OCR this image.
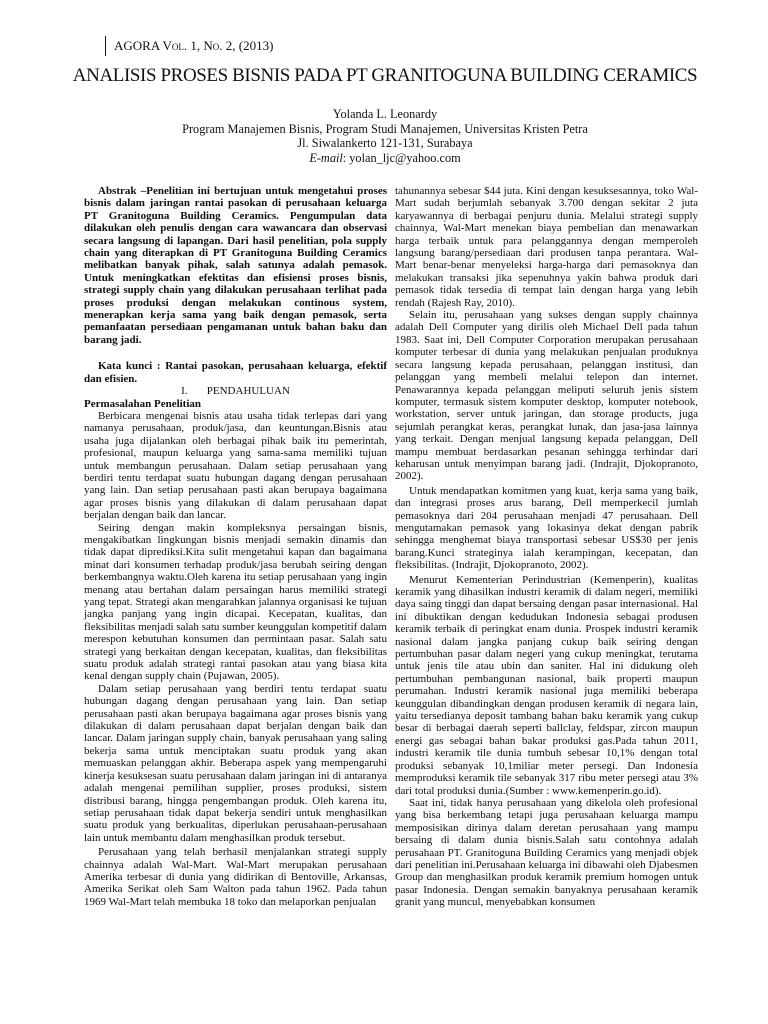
AGORA Vol. 1, No. 2, (2013)
ANALISIS PROSES BISNIS PADA PT GRANITOGUNA BUILDING CERAMICS
Yolanda L. Leonardy
Program Manajemen Bisnis, Program Studi Manajemen, Universitas Kristen Petra
Jl. Siwalankerto 121-131, Surabaya
E-mail: yolan_ljc@yahoo.com

Abstrak –Penelitian ini bertujuan untuk mengetahui proses bisnis dalam jaringan rantai pasokan di perusahaan keluarga PT Granitoguna Building Ceramics. Pengumpulan data dilakukan oleh penulis dengan cara wawancara dan observasi secara langsung di lapangan. Dari hasil penelitian, pola supply chain yang diterapkan di PT Granitoguna Building Ceramics melibatkan banyak pihak, salah satunya adalah pemasok. Untuk meningkatkan efektitas dan efisiensi proses bisnis, strategi supply chain yang dilakukan perusahaan terlihat pada proses produksi dengan melakukan continous system, menerapkan kerja sama yang baik dengan pemasok, serta pemanfaatan persediaan pengamanan untuk bahan baku dan barang jadi.

Kata kunci : Rantai pasokan, perusahaan keluarga, efektif dan efisien.

I. PENDAHULUAN

Permasalahan Penelitian

Berbicara mengenai bisnis atau usaha tidak terlepas dari yang namanya perusahaan, produk/jasa, dan keuntungan.Bisnis atau usaha juga dijalankan oleh berbagai pihak baik itu pemerintah, profesional, maupun keluarga yang sama-sama memiliki tujuan untuk membangun perusahaan. Dalam setiap perusahaan yang berdiri tentu terdapat suatu hubungan dagang dengan perusahaan yang lain. Dan setiap perusahaan pasti akan berupaya bagaimana agar proses bisnis yang dilakukan di dalam perusahaan dapat berjalan dengan baik dan lancar.

Seiring dengan makin kompleksnya persaingan bisnis, mengakibatkan lingkungan bisnis menjadi semakin dinamis dan tidak dapat diprediksi.Kita sulit mengetahui kapan dan bagaimana minat dari konsumen terhadap produk/jasa berubah seiring dengan berkembangnya waktu.Oleh karena itu setiap perusahaan yang ingin menang atau bertahan dalam persaingan harus memiliki strategi yang tepat. Strategi akan mengarahkan jalannya organisasi ke tujuan jangka panjang yang ingin dicapai. Kecepatan, kualitas, dan fleksibilitas menjadi salah satu sumber keunggulan kompetitif dalam merespon kebutuhan konsumen dan permintaan pasar. Salah satu strategi yang berkaitan dengan kecepatan, kualitas, dan fleksibilitas suatu produk adalah strategi rantai pasokan atau yang biasa kita kenal dengan supply chain (Pujawan, 2005).

Dalam setiap perusahaan yang berdiri tentu terdapat suatu hubungan dagang dengan perusahaan yang lain. Dan setiap perusahaan pasti akan berupaya bagaimana agar proses bisnis yang dilakukan di dalam perusahaan dapat berjalan dengan baik dan lancar. Dalam jaringan supply chain, banyak perusahaan yang saling bekerja sama untuk menciptakan suatu produk yang akan memuaskan pelanggan akhir. Beberapa aspek yang mempengaruhi kinerja kesuksesan suatu perusahaan dalam jaringan ini di antaranya adalah mengenai pemilihan supplier, proses produksi, sistem distribusi barang, hingga pengembangan produk. Oleh karena itu, setiap perusahaan tidak dapat bekerja sendiri untuk menghasilkan suatu produk yang berkualitas, diperlukan perusahaan-perusahaan lain untuk membantu dalam menghasilkan produk tersebut.

Perusahaan yang telah berhasil menjalankan strategi supply chainnya adalah Wal-Mart. Wal-Mart merupakan perusahaan Amerika terbesar di dunia yang didirikan di Bentoville, Arkansas, Amerika Serikat oleh Sam Walton pada tahun 1962. Pada tahun 1969 Wal-Mart telah membuka 18 toko dan melaporkan penjualan

tahunannya sebesar $44 juta. Kini dengan kesuksesannya, toko Wal-Mart sudah berjumlah sebanyak 3.700 dengan sekitar 2 juta karyawannya di berbagai penjuru dunia. Melalui strategi supply chainnya, Wal-Mart menekan biaya pembelian dan menawarkan harga terbaik untuk para pelanggannya dengan memperoleh langsung barang/persediaan dari produsen tanpa perantara. Wal-Mart benar-benar menyeleksi harga-harga dari pemasoknya dan melakukan transaksi jika sepenuhnya yakin bahwa produk dari pemasok tidak tersedia di tempat lain dengan harga yang lebih rendah (Rajesh Ray, 2010).

Selain itu, perusahaan yang sukses dengan supply chainnya adalah Dell Computer yang dirilis oleh Michael Dell pada tahun 1983. Saat ini, Dell Computer Corporation merupakan perusahaan komputer terbesar di dunia yang melakukan penjualan produknya secara langsung kepada perusahaan, pelanggan institusi, dan pelanggan yang membeli melalui telepon dan internet. Penawarannya kepada pelanggan meliputi seluruh jenis sistem komputer, termasuk sistem komputer desktop, komputer notebook, workstation, server untuk jaringan, dan storage products, juga sejumlah perangkat keras, perangkat lunak, dan jasa-jasa lainnya yang terkait. Dengan menjual langsung kepada pelanggan, Dell mampu membuat berdasarkan pesanan sehingga terhindar dari keharusan untuk menyimpan barang jadi. (Indrajit, Djokopranoto, 2002).

Untuk mendapatkan komitmen yang kuat, kerja sama yang baik, dan integrasi proses arus barang, Dell memperkecil jumlah pemasoknya dari 204 perusahaan menjadi 47 perusahaan. Dell mengutamakan pemasok yang lokasinya dekat dengan pabrik sehingga menghemat biaya transportasi sebesar US$30 per jenis barang.Kunci strateginya ialah kerampingan, kecepatan, dan fleksibilitas. (Indrajit, Djokopranoto, 2002).

Menurut Kementerian Perindustrian (Kemenperin), kualitas keramik yang dihasilkan industri keramik di dalam negeri, memiliki daya saing tinggi dan dapat bersaing dengan pasar internasional. Hal ini dibuktikan dengan kedudukan Indonesia sebagai produsen keramik terbaik di peringkat enam dunia. Prospek industri keramik nasional dalam jangka panjang cukup baik seiring dengan pertumbuhan pasar dalam negeri yang cukup meningkat, terutama untuk jenis tile atau ubin dan saniter. Hal ini didukung oleh pertumbuhan pembangunan nasional, baik properti maupun perumahan. Industri keramik nasional juga memiliki beberapa keunggulan dibandingkan dengan produsen keramik di negara lain, yaitu tersedianya deposit tambang bahan baku keramik yang cukup besar di berbagai daerah seperti ballclay, feldspar, zircon maupun energi gas sebagai bahan bakar produksi gas.Pada tahun 2011, industri keramik tile dunia tumbuh sebesar 10,1% dengan total produksi sebanyak 10,1miliar meter persegi. Dan Indonesia memproduksi keramik tile sebanyak 317 ribu meter persegi atau 3% dari total produksi dunia.(Sumber : www.kemenperin.go.id).

Saat ini, tidak hanya perusahaan yang dikelola oleh profesional yang bisa berkembang tetapi juga perusahaan keluarga mampu memposisikan dirinya dalam deretan perusahaan yang mampu bersaing di dalam dunia bisnis.Salah satu contohnya adalah perusahaan PT. Granitoguna Building Ceramics yang menjadi objek dari penelitian ini.Perusahaan keluarga ini dibawahi oleh Djabesmen Group dan menghasilkan produk keramik premium homogen untuk pasar Indonesia. Dengan semakin banyaknya perusahaan keramik granit yang muncul, menyebabkan konsumen
